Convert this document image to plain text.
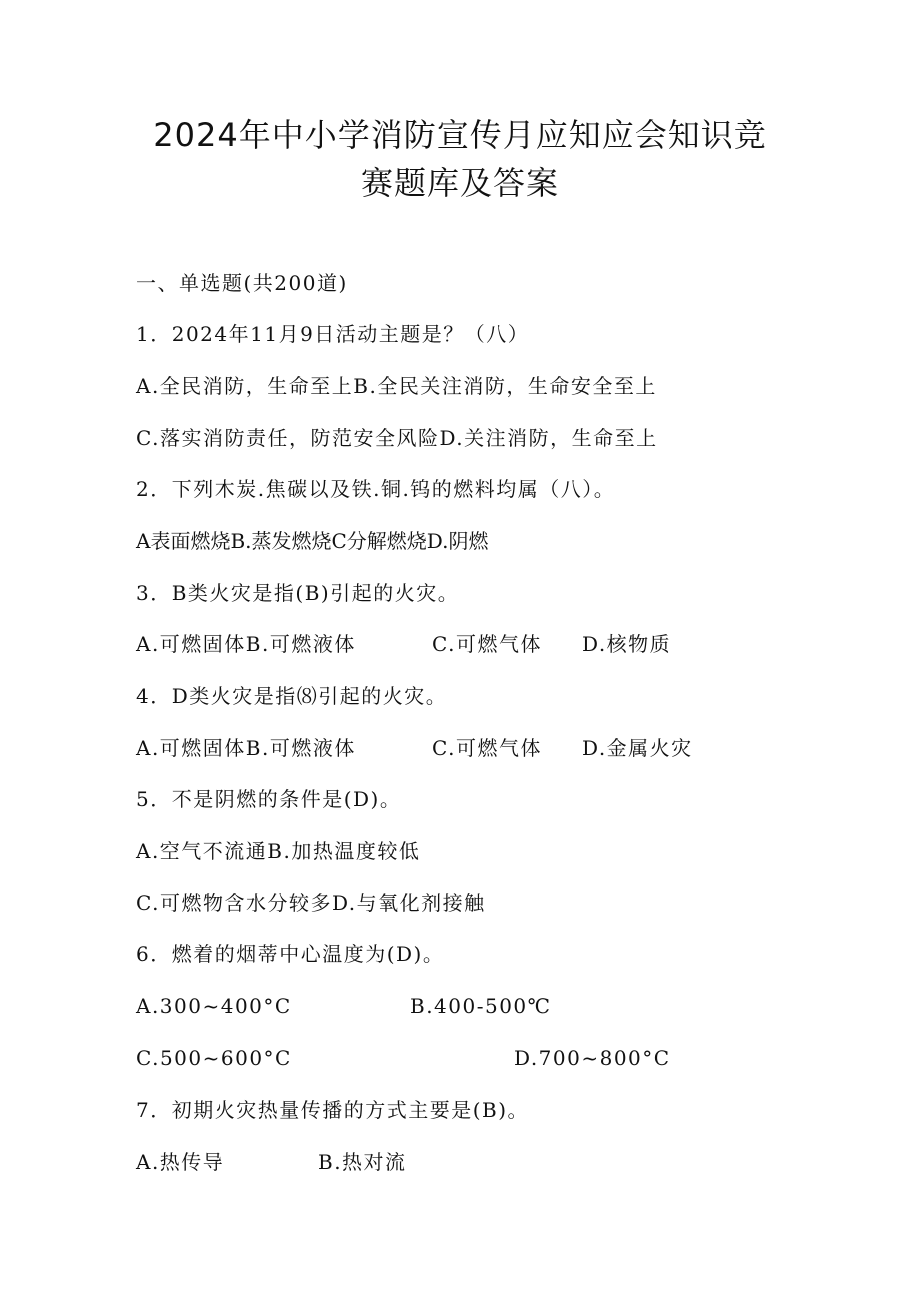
2024年中小学消防宣传月应知应会知识竞
赛题库及答案
一、单选题(共200道)
1．2024年11月9日活动主题是？（八）
A.全民消防，生命至上B.全民关注消防，生命安全至上
C.落实消防责任，防范安全风险D.关注消防，生命至上
2．下列木炭.焦碳以及铁.铜.钨的燃料均属（八）。
A表面燃烧B.蒸发燃烧C分解燃烧D.阴燃
3．B类火灾是指(B)引起的火灾。
A.可燃固体B.可燃液体	C.可燃气体 D.核物质
4．D类火灾是指⑻引起的火灾。
A.可燃固体B.可燃液体	C.可燃气体 D.金属火灾
5．不是阴燃的条件是(D)。
A.空气不流通B.加热温度较低
C.可燃物含水分较多D.与氧化剂接触
6．燃着的烟蒂中心温度为(D)。
A.300~400°C	B.400-500℃
C.500~600°C	D.700~800°C
7．初期火灾热量传播的方式主要是(B)。
A.热传导	B.热对流
